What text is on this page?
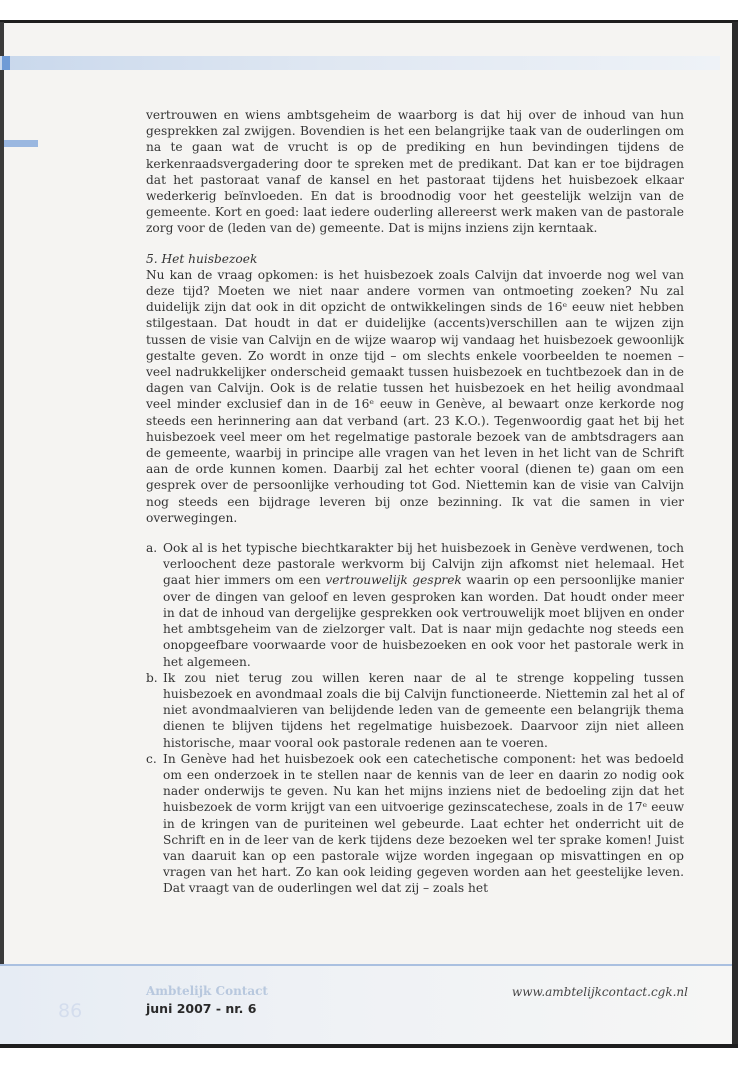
vertrouwen en wiens ambtsgeheim de waarborg is dat hij over de inhoud van hun gesprekken zal zwijgen. Bovendien is het een belangrijke taak van de ouderlingen om na te gaan wat de vrucht is op de prediking en hun bevindingen tijdens de kerkenraadsvergadering door te spreken met de predikant. Dat kan er toe bijdragen dat het pastoraat vanaf de kansel en het pastoraat tijdens het huisbezoek elkaar wederkerig beïnvloeden. En dat is broodnodig voor het geestelijk welzijn van de gemeente. Kort en goed: laat iedere ouderling allereerst werk maken van de pastorale zorg voor de (leden van de) gemeente. Dat is mijns inziens zijn kerntaak.

5. Het huisbezoek

Nu kan de vraag opkomen: is het huisbezoek zoals Calvijn dat invoerde nog wel van deze tijd? Moeten we niet naar andere vormen van ontmoeting zoeken? Nu zal duidelijk zijn dat ook in dit opzicht de ontwikkelingen sinds de 16ᵉ eeuw niet hebben stilgestaan. Dat houdt in dat er duidelijke (accents)verschillen aan te wijzen zijn tussen de visie van Calvijn en de wijze waarop wij vandaag het huisbezoek gewoonlijk gestalte geven. Zo wordt in onze tijd – om slechts enkele voorbeelden te noemen – veel nadrukkelijker onderscheid gemaakt tussen huisbezoek en tuchtbezoek dan in de dagen van Calvijn. Ook is de relatie tussen het huisbezoek en het heilig avondmaal veel minder exclusief dan in de 16ᵉ eeuw in Genève, al bewaart onze kerkorde nog steeds een herinnering aan dat verband (art. 23 K.O.). Tegenwoordig gaat het bij het huisbezoek veel meer om het regelmatige pastorale bezoek van de ambtsdragers aan de gemeente, waarbij in principe alle vragen van het leven in het licht van de Schrift aan de orde kunnen komen. Daarbij zal het echter vooral (dienen te) gaan om een gesprek over de persoonlijke verhouding tot God. Niettemin kan de visie van Calvijn nog steeds een bijdrage leveren bij onze bezinning. Ik vat die samen in vier overwegingen.

a. Ook al is het typische biechtkarakter bij het huisbezoek in Genève verdwenen, toch verloochent deze pastorale werkvorm bij Calvijn zijn afkomst niet helemaal. Het gaat hier immers om een vertrouwelijk gesprek waarin op een persoonlijke manier over de dingen van geloof en leven gesproken kan worden. Dat houdt onder meer in dat de inhoud van dergelijke gesprekken ook vertrouwelijk moet blijven en onder het ambtsgeheim van de zielzorger valt. Dat is naar mijn gedachte nog steeds een onopgeefbare voorwaarde voor de huisbezoeken en ook voor het pastorale werk in het algemeen.
b. Ik zou niet terug zou willen keren naar de al te strenge koppeling tussen huisbezoek en avondmaal zoals die bij Calvijn functioneerde. Niettemin zal het al of niet avondmaalvieren van belijdende leden van de gemeente een belangrijk thema dienen te blijven tijdens het regelmatige huisbezoek. Daarvoor zijn niet alleen historische, maar vooral ook pastorale redenen aan te voeren.
c. In Genève had het huisbezoek ook een catechetische component: het was bedoeld om een onderzoek in te stellen naar de kennis van de leer en daarin zo nodig ook nader onderwijs te geven. Nu kan het mijns inziens niet de bedoeling zijn dat het huisbezoek de vorm krijgt van een uitvoerige gezinscatechese, zoals in de 17ᵉ eeuw in de kringen van de puriteinen wel gebeurde. Laat echter het onderricht uit de Schrift en in de leer van de kerk tijdens deze bezoeken wel ter sprake komen! Juist van daaruit kan op een pastorale wijze worden ingegaan op misvattingen en op vragen van het hart. Zo kan ook leiding gegeven worden aan het geestelijke leven. Dat vraagt van de ouderlingen wel dat zij – zoals het
86
Ambtelijk Contact
juni 2007 - nr. 6
www.ambtelijkcontact.cgk.nl
